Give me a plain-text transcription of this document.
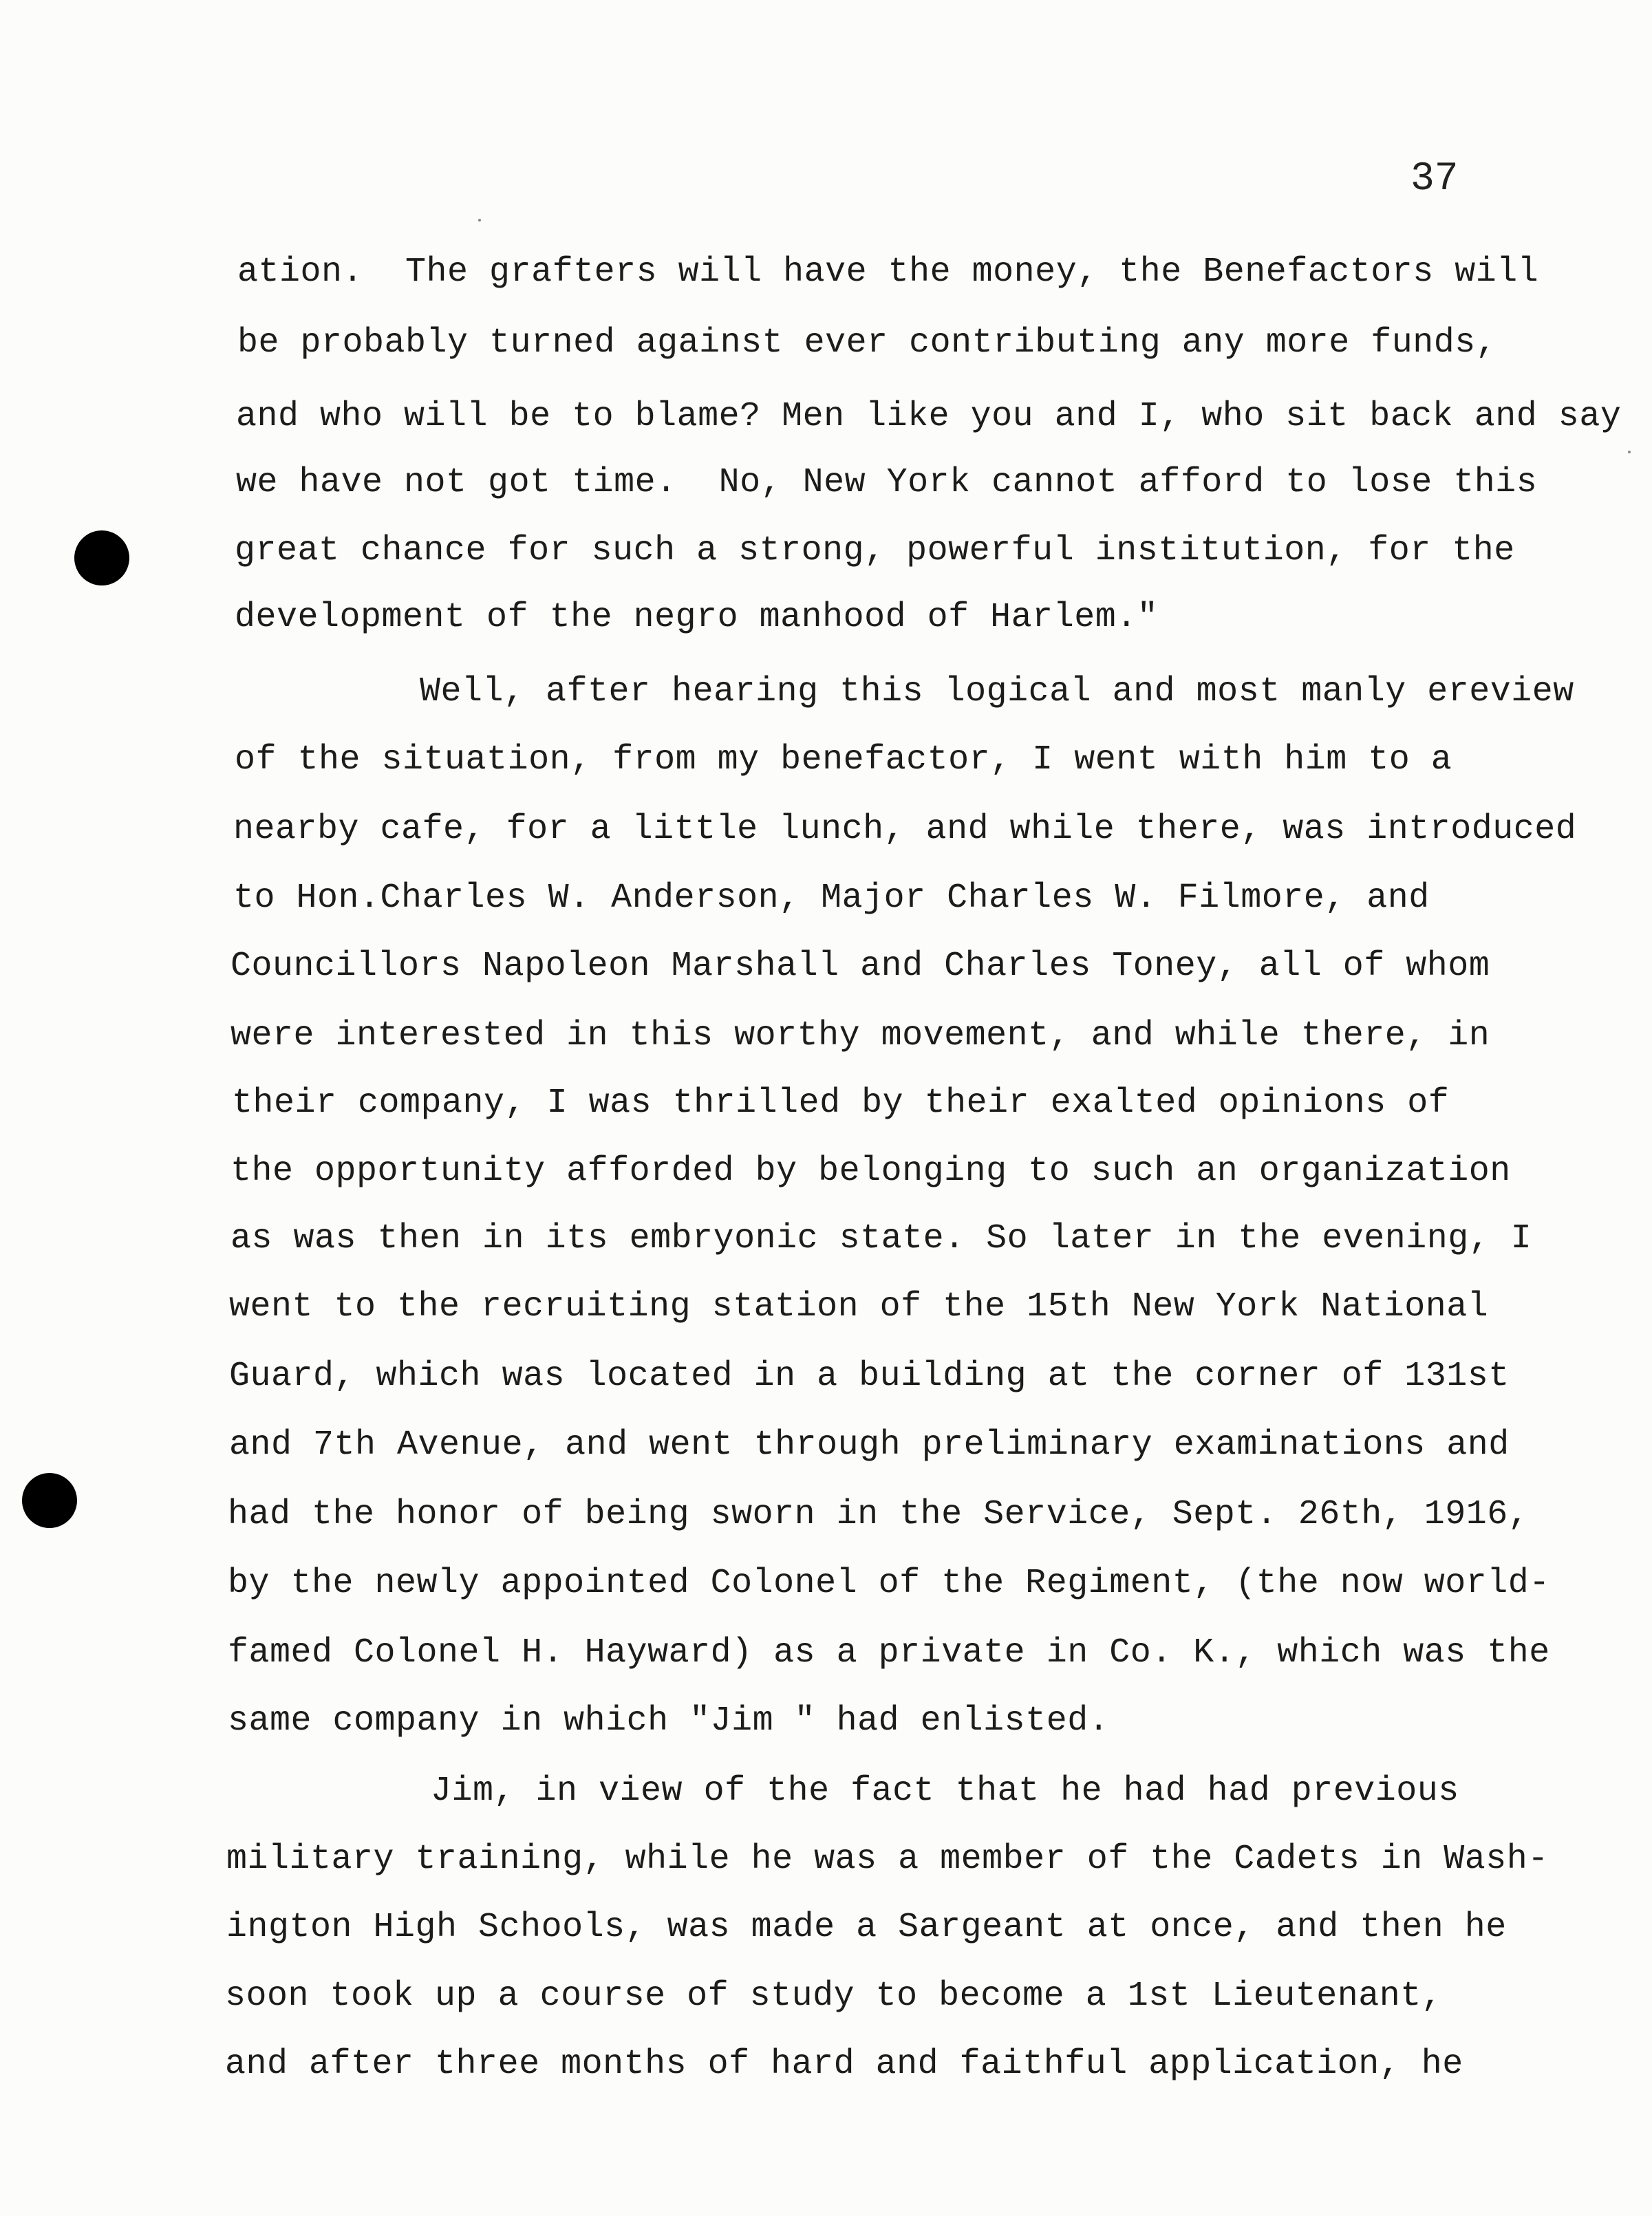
37
ation.  The grafters will have the money, the Benefactors will
be probably turned against ever contributing any more funds,
and who will be to blame? Men like you and I, who sit back and say
we have not got time.  No, New York cannot afford to lose this
great chance for such a strong, powerful institution, for the
development of the negro manhood of Harlem."
Well, after hearing this logical and most manly ereview
of the situation, from my benefactor, I went with him to a
nearby cafe, for a little lunch, and while there, was introduced
to Hon.Charles W. Anderson, Major Charles W. Filmore, and
Councillors Napoleon Marshall and Charles Toney, all of whom
were interested in this worthy movement, and while there, in
their company, I was thrilled by their exalted opinions of
the opportunity afforded by belonging to such an organization
as was then in its embryonic state. So later in the evening, I
went to the recruiting station of the 15th New York National
Guard, which was located in a building at the corner of 131st
and 7th Avenue, and went through preliminary examinations and
had the honor of being sworn in the Service, Sept. 26th, 1916,
by the newly appointed Colonel of the Regiment, (the now world-
famed Colonel H. Hayward) as a private in Co. K., which was the
same company in which "Jim " had enlisted.
Jim, in view of the fact that he had had previous
military training, while he was a member of the Cadets in Wash-
ington High Schools, was made a Sargeant at once, and then he
soon took up a course of study to become a 1st Lieutenant,
and after three months of hard and faithful application, he
